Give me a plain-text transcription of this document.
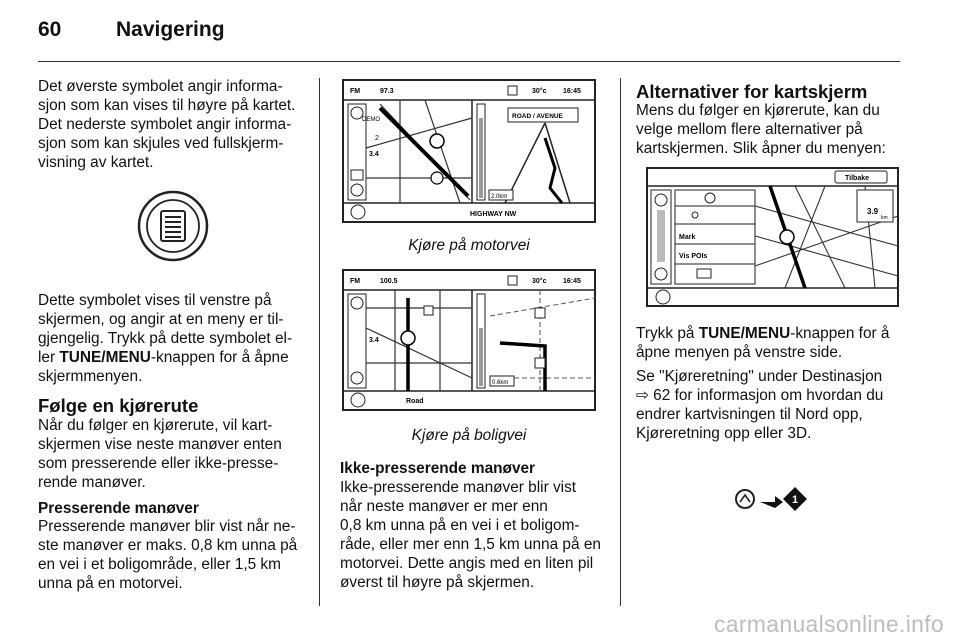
60	Navigering

Det øverste symbolet angir informa-

sjon som kan vises til høyre på kartet.

Det nederste symbolet angir informa-

sjon som kan skjules ved fullskjerm-

visning av kartet.

Dette symbolet vises til venstre på

skjermen, og angir at en meny er til-

gjengelig. Trykk på dette symbolet el-

ler TUNE/MENU-knappen for å åpne

skjermmenyen.

Følge en kjørerute

Når du følger en kjørerute, vil kart-

skjermen vise neste manøver enten

som presserende eller ikke-presse-

rende manøver.

Presserende manøver

Presserende manøver blir vist når ne-

ste manøver er maks. 0,8 km unna på

en vei i et boligområde, eller 1,5 km

unna på en motorvei.

FM	97.3	30°c 16:45
DEMO
2
3.4
ROAD / AVENUE
2.0km
HIGHWAY NW
Kjøre på motorvei
FM	100.5	30°c 16:45
3.4
0.6km
Road
Kjøre på boligvei
Ikke-presserende manøver

Ikke-presserende manøver blir vist

når neste manøver er mer enn

0,8 km unna på en vei i et boligom-

råde, eller mer enn 1,5 km unna på en

motorvei. Dette angis med en liten pil

øverst til høyre på skjermen.

Alternativer for kartskjerm

Mens du følger en kjørerute, kan du

velge mellom flere alternativer på

kartskjermen. Slik åpner du menyen:

Tilbake
Mark
Vis POIs
3.9
km

Trykk på TUNE/MENU-knappen for å

åpne menyen på venstre side.

Se "Kjøreretning" under Destinasjon

⇨ 62 for informasjon om hvordan du

endrer kartvisningen til Nord opp,

Kjøreretning opp eller 3D.

1
carmanualsonline.info
